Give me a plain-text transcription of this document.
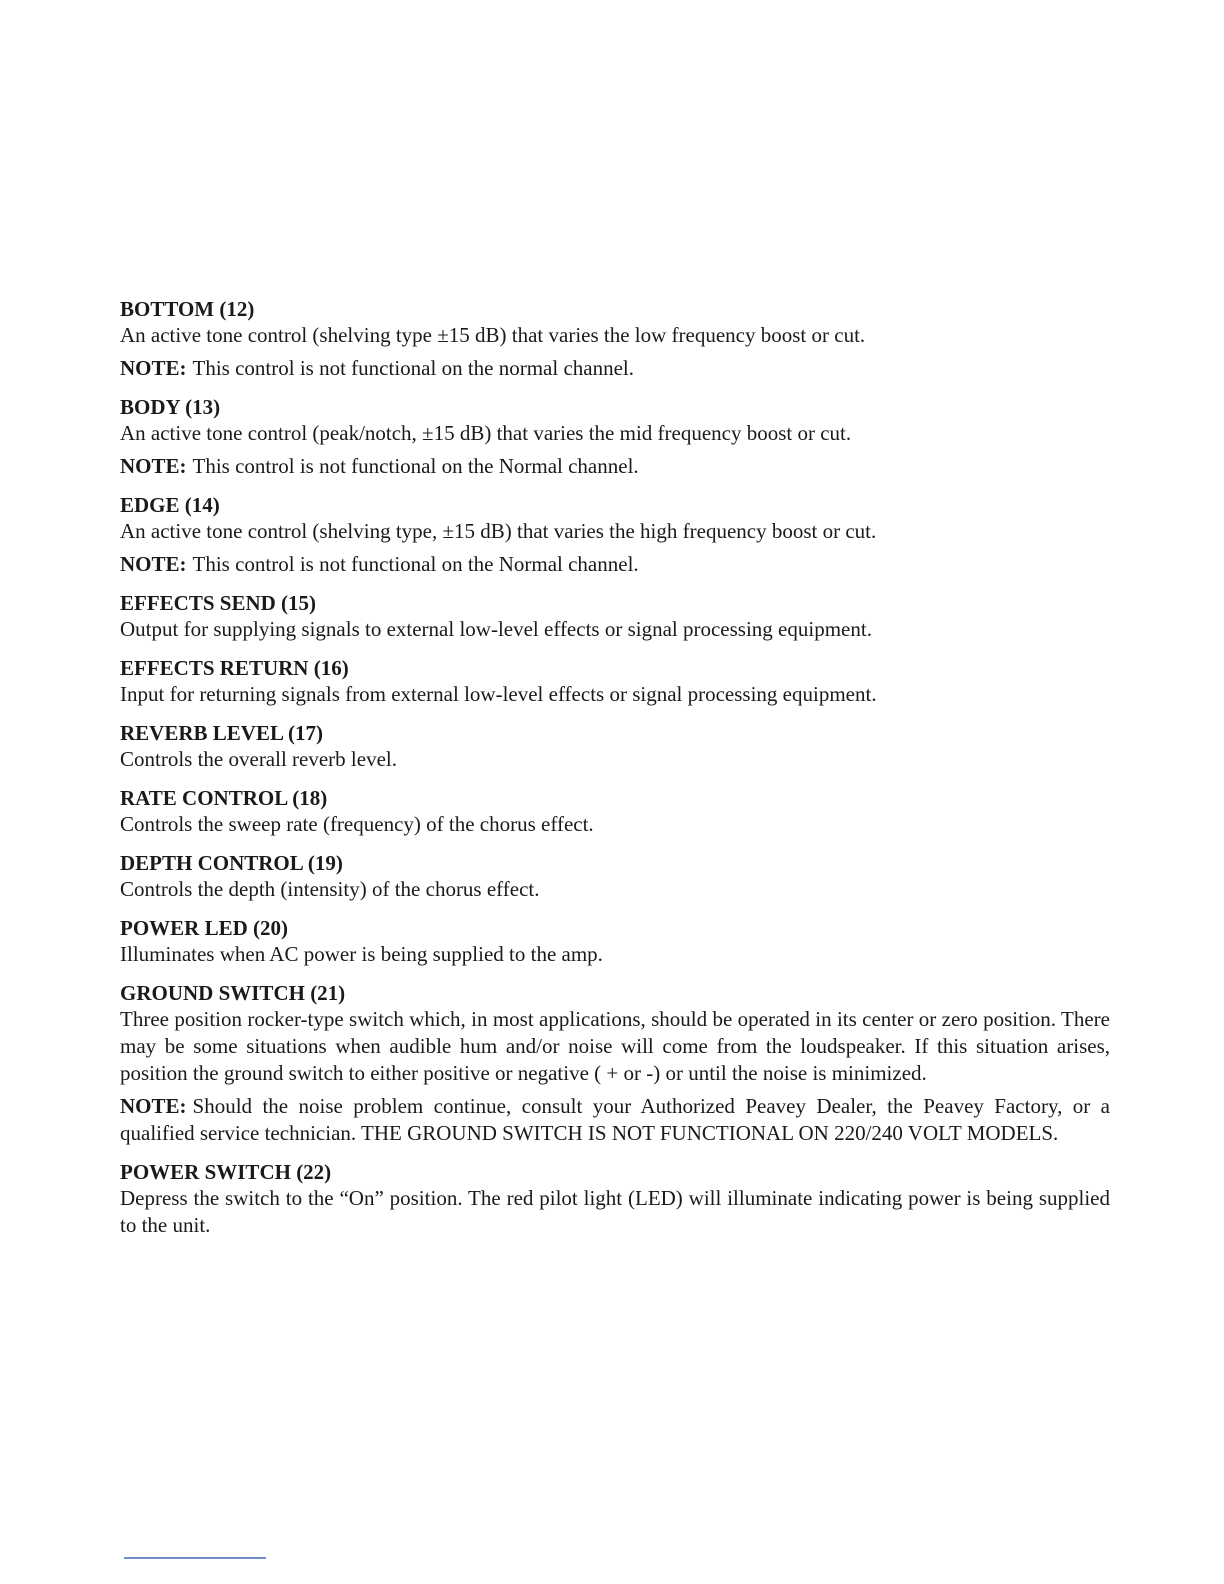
BOTTOM (12)
An active tone control (shelving type ±15 dB) that varies the low frequency boost or cut.
NOTE: This control is not functional on the normal channel.
BODY (13)
An active tone control (peak/notch, ±15 dB) that varies the mid frequency boost or cut.
NOTE: This control is not functional on the Normal channel.
EDGE (14)
An active tone control (shelving type, ±15 dB) that varies the high frequency boost or cut.
NOTE: This control is not functional on the Normal channel.
EFFECTS SEND (15)
Output for supplying signals to external low-level effects or signal processing equipment.
EFFECTS RETURN (16)
Input for returning signals from external low-level effects or signal processing equipment.
REVERB LEVEL (17)
Controls the overall reverb level.
RATE CONTROL (18)
Controls the sweep rate (frequency) of the chorus effect.
DEPTH CONTROL (19)
Controls the depth (intensity) of the chorus effect.
POWER LED (20)
Illuminates when AC power is being supplied to the amp.
GROUND SWITCH (21)
Three position rocker-type switch which, in most applications, should be operated in its center or zero position. There may be some situations when audible hum and/or noise will come from the loudspeaker. If this situation arises, position the ground switch to either positive or negative ( + or -) or until the noise is minimized.
NOTE: Should the noise problem continue, consult your Authorized Peavey Dealer, the Peavey Factory, or a qualified service technician. THE GROUND SWITCH IS NOT FUNCTIONAL ON 220/240 VOLT MODELS.
POWER SWITCH (22)
Depress the switch to the “On” position. The red pilot light (LED) will illuminate indicating power is being supplied to the unit.
